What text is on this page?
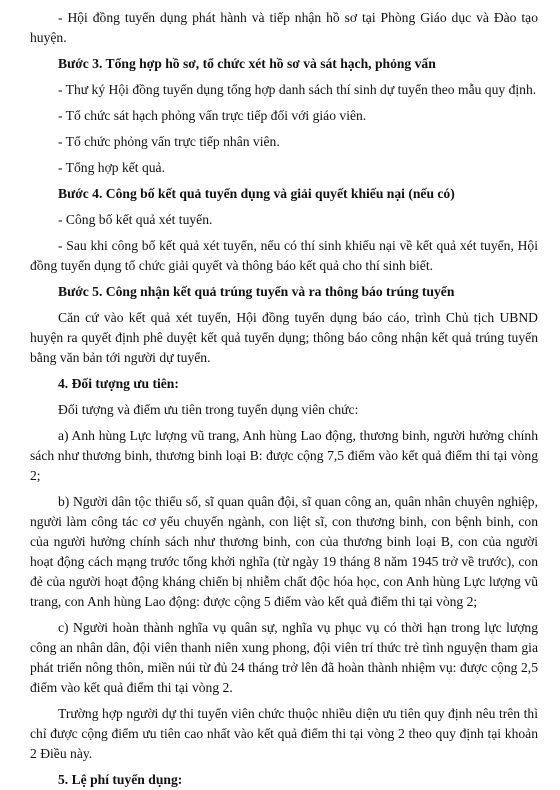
- Hội đồng tuyển dụng phát hành và tiếp nhận hồ sơ tại Phòng Giáo dục và Đào tạo huyện.

Bước 3. Tổng hợp hồ sơ, tổ chức xét hồ sơ và sát hạch, phỏng vấn

- Thư ký Hội đồng tuyển dụng tổng hợp danh sách thí sinh dự tuyển theo mẫu quy định.

- Tổ chức sát hạch phỏng vấn trực tiếp đối với giáo viên.

- Tổ chức phỏng vấn trực tiếp nhân viên.

- Tổng hợp kết quả.

Bước 4. Công bố kết quả tuyển dụng và giải quyết khiếu nại (nếu có)

- Công bố kết quả xét tuyển.

- Sau khi công bố kết quả xét tuyển, nếu có thí sinh khiếu nại về kết quả xét tuyển, Hội đồng tuyển dụng tổ chức giải quyết và thông báo kết quả cho thí sinh biết.

Bước 5. Công nhận kết quả trúng tuyển và ra thông báo trúng tuyển

Căn cứ vào kết quả xét tuyển, Hội đồng tuyển dụng báo cáo, trình Chủ tịch UBND huyện ra quyết định phê duyệt kết quả tuyển dụng; thông báo công nhận kết quả trúng tuyển bằng văn bản tới người dự tuyển.

4. Đối tượng ưu tiên:

Đối tượng và điểm ưu tiên trong tuyển dụng viên chức:

a) Anh hùng Lực lượng vũ trang, Anh hùng Lao động, thương binh, người hưởng chính sách như thương binh, thương binh loại B: được cộng 7,5 điểm vào kết quả điểm thi tại vòng 2;

b) Người dân tộc thiểu số, sĩ quan quân đội, sĩ quan công an, quân nhân chuyên nghiệp, người làm công tác cơ yếu chuyển ngành, con liệt sĩ, con thương binh, con bệnh binh, con của người hưởng chính sách như thương binh, con của thương binh loại B, con của người hoạt động cách mạng trước tổng khởi nghĩa (từ ngày 19 tháng 8 năm 1945 trở về trước), con đẻ của người hoạt động kháng chiến bị nhiễm chất độc hóa học, con Anh hùng Lực lượng vũ trang, con Anh hùng Lao động: được cộng 5 điểm vào kết quả điểm thi tại vòng 2;

c) Người hoàn thành nghĩa vụ quân sự, nghĩa vụ phục vụ có thời hạn trong lực lượng công an nhân dân, đội viên thanh niên xung phong, đội viên trí thức trẻ tình nguyện tham gia phát triển nông thôn, miền núi từ đủ 24 tháng trở lên đã hoàn thành nhiệm vụ: được cộng 2,5 điểm vào kết quả điểm thi tại vòng 2.

Trường hợp người dự thi tuyển viên chức thuộc nhiều diện ưu tiên quy định nêu trên thì chỉ được cộng điểm ưu tiên cao nhất vào kết quả điểm thi tại vòng 2 theo quy định tại khoản 2 Điều này.

5. Lệ phí tuyển dụng:
